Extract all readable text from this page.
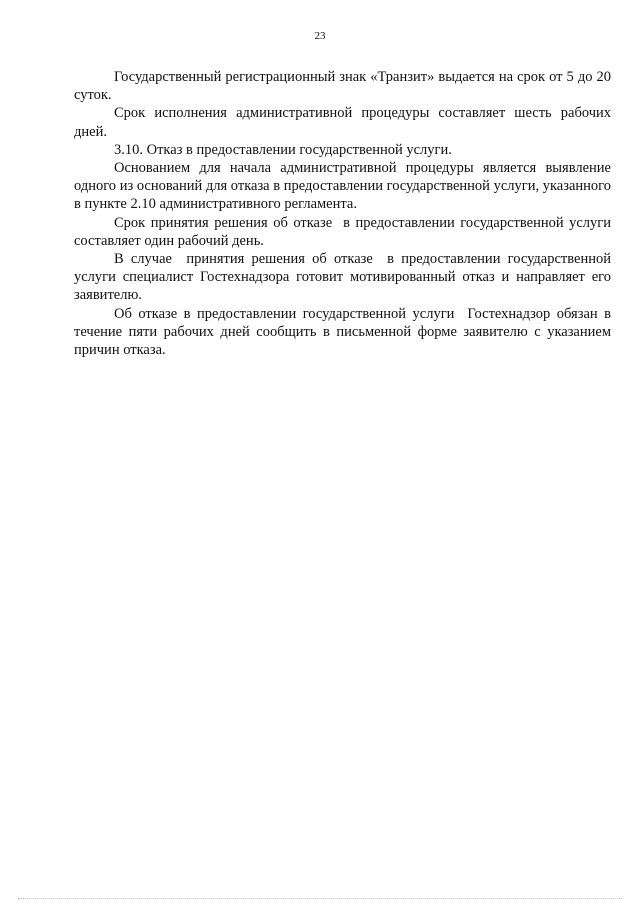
23

Государственный регистрационный знак «Транзит» выдается на срок от 5 до 20 суток.

Срок исполнения административной процедуры составляет шесть рабочих дней.

3.10. Отказ в предоставлении государственной услуги.

Основанием для начала административной процедуры является выявление одного из оснований для отказа в предоставлении государственной услуги, указанного в пункте 2.10 административного регламента.

Срок принятия решения об отказе  в предоставлении государственной услуги составляет один рабочий день.

В случае  принятия решения об отказе  в предоставлении государственной услуги специалист Гостехнадзора готовит мотивированный отказ и направляет его заявителю.

Об отказе в предоставлении государственной услуги  Гостехнадзор обязан в течение пяти рабочих дней сообщить в письменной форме заявителю с указанием причин отказа.
